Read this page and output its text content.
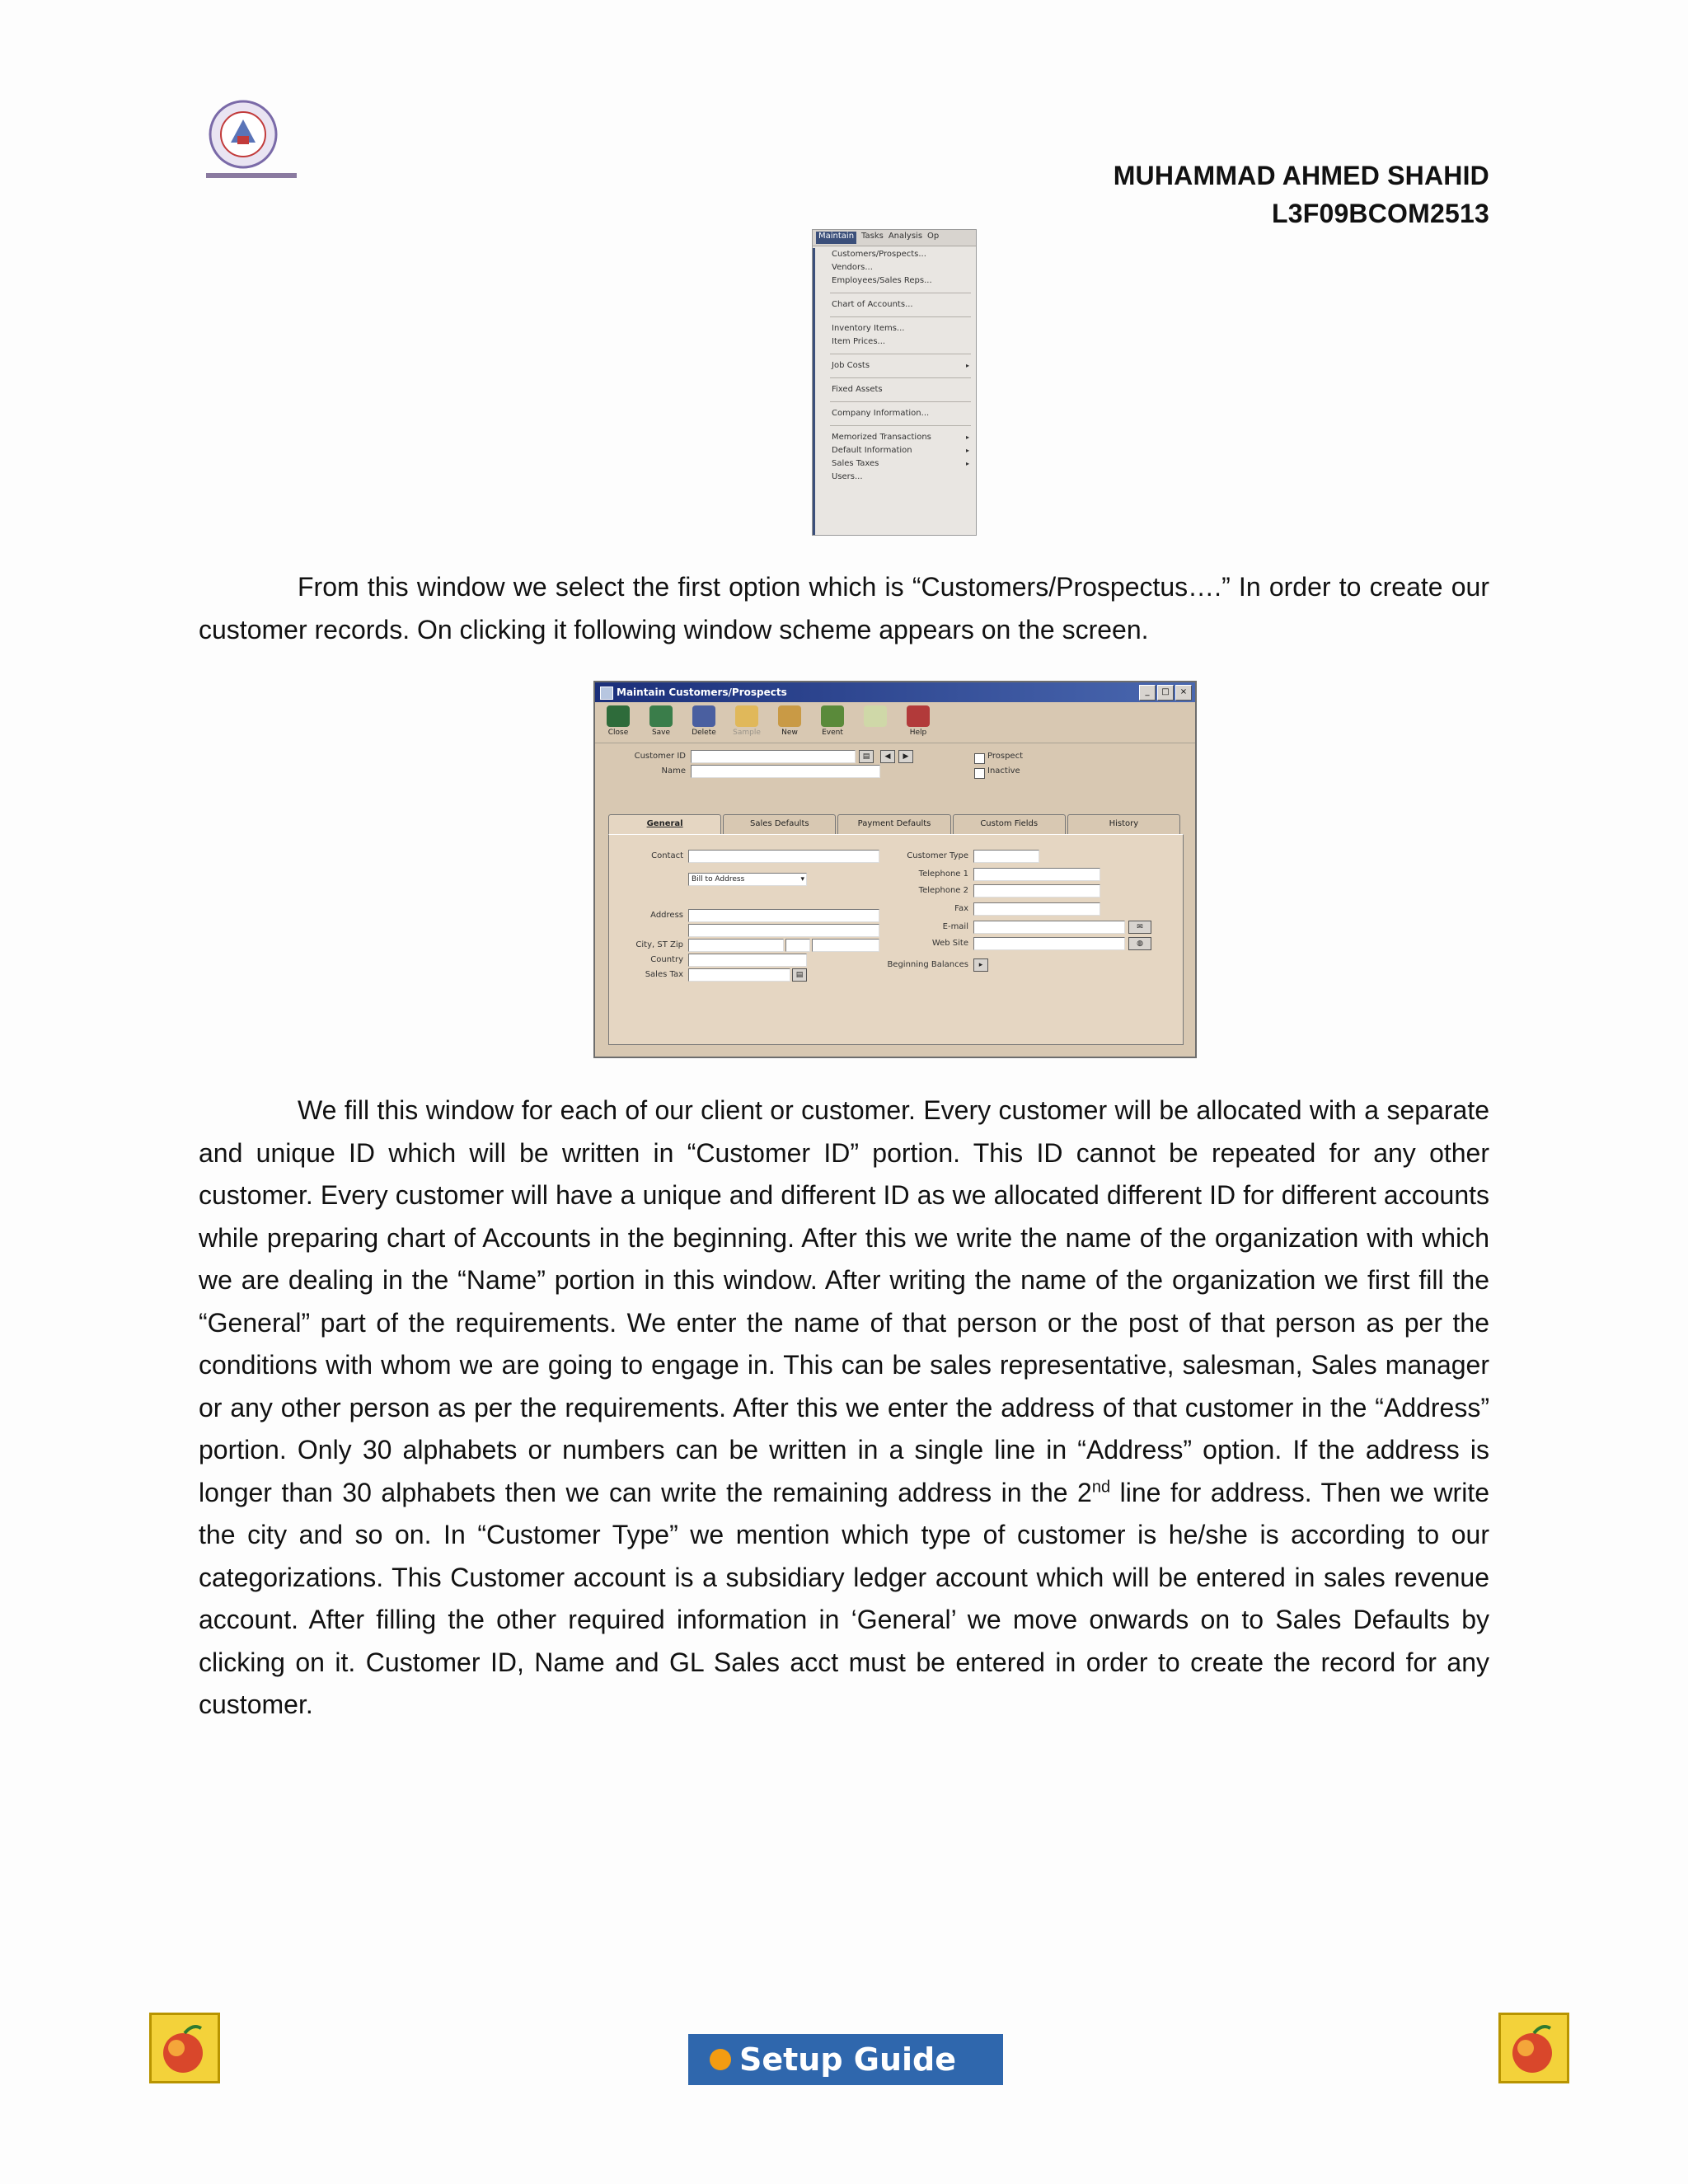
MUHAMMAD AHMED SHAHID
L3F09BCOM2513
Maintain Tasks Analysis Op
Customers/Prospects...
Vendors...
Employees/Sales Reps...
Chart of Accounts...
Inventory Items...
Item Prices...
Job Costs	▸
Fixed Assets
Company Information...
Memorized Transactions	▸
Default Information	▸
Sales Taxes	▸
Users...
From this window we select the first option which is “Customers/Prospectus….” In order to create our customer records. On clicking it following window scheme appears on the screen.
Maintain Customers/Prospects	_	□	×
Close	Save	Delete	Sample	New	Event	Help
Customer ID	▤	◀	▶
Name
Prospect
Inactive
General	Sales Defaults	Payment Defaults	Custom Fields	History
Contact
Bill to Address	▾
Address
City, ST Zip
Country
Sales Tax	▤
Customer Type
Telephone 1
Telephone 2
Fax
E-mail	✉
Web Site	◍
Beginning Balances	▸
We fill this window for each of our client or customer. Every customer will be allocated with a separate and unique ID which will be written in “Customer ID” portion. This ID cannot be repeated for any other customer. Every customer will have a unique and different ID as we allocated different ID for different accounts while preparing chart of Accounts in the beginning. After this we write the name of the organization with which we are dealing in the “Name” portion in this window. After writing the name of the organization we first fill the “General” part of the requirements. We enter the name of that person or the post of that person as per the conditions with whom we are going to engage in. This can be sales representative, salesman, Sales manager or any other person as per the requirements. After this we enter the address of that customer in the “Address” portion. Only 30 alphabets or numbers can be written in a single line in “Address” option. If the address is longer than 30 alphabets then we can write the remaining address in the 2nd line for address. Then we write the city and so on. In “Customer Type” we mention which type of customer is he/she is according to our categorizations. This Customer account is a subsidiary ledger account which will be entered in sales revenue account. After filling the other required information in ‘General’ we move onwards on to Sales Defaults by clicking on it. Customer ID, Name and GL Sales acct must be entered in order to create the record for any customer.
Setup Guide
